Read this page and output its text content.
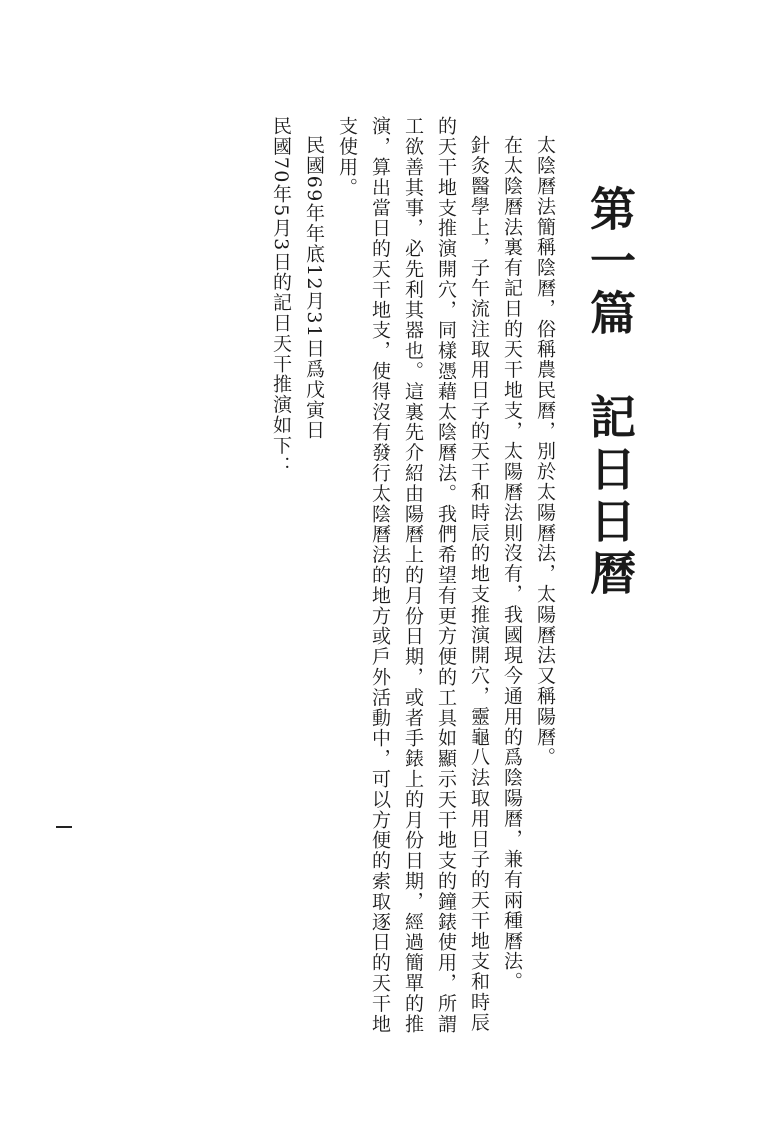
第一篇　記日日曆

太陰曆法簡稱陰曆，俗稱農民曆，別於太陽曆法，太陽曆法又稱陽曆。

在太陰曆法裏有記日的天干地支，太陽曆法則沒有，我國現今通用的爲陰陽曆，兼有兩種曆法。

針灸醫學上，子午流注取用日子的天干和時辰的地支推演開穴，靈龜八法取用日子的天干地支和時辰的天干地支推演開穴，同樣憑藉太陰曆法。我們希望有更方便的工具如顯示天干地支的鐘錶使用，所謂工欲善其事，必先利其器也。這裏先介紹由陽曆上的月份日期，或者手錶上的月份日期，經過簡單的推演，算出當日的天干地支，使得沒有發行太陰曆法的地方或戶外活動中，可以方便的索取逐日的天干地支使用。

民國69年年底12月31日爲戊寅日

民國70年5月3日的記日天干推演如下：
